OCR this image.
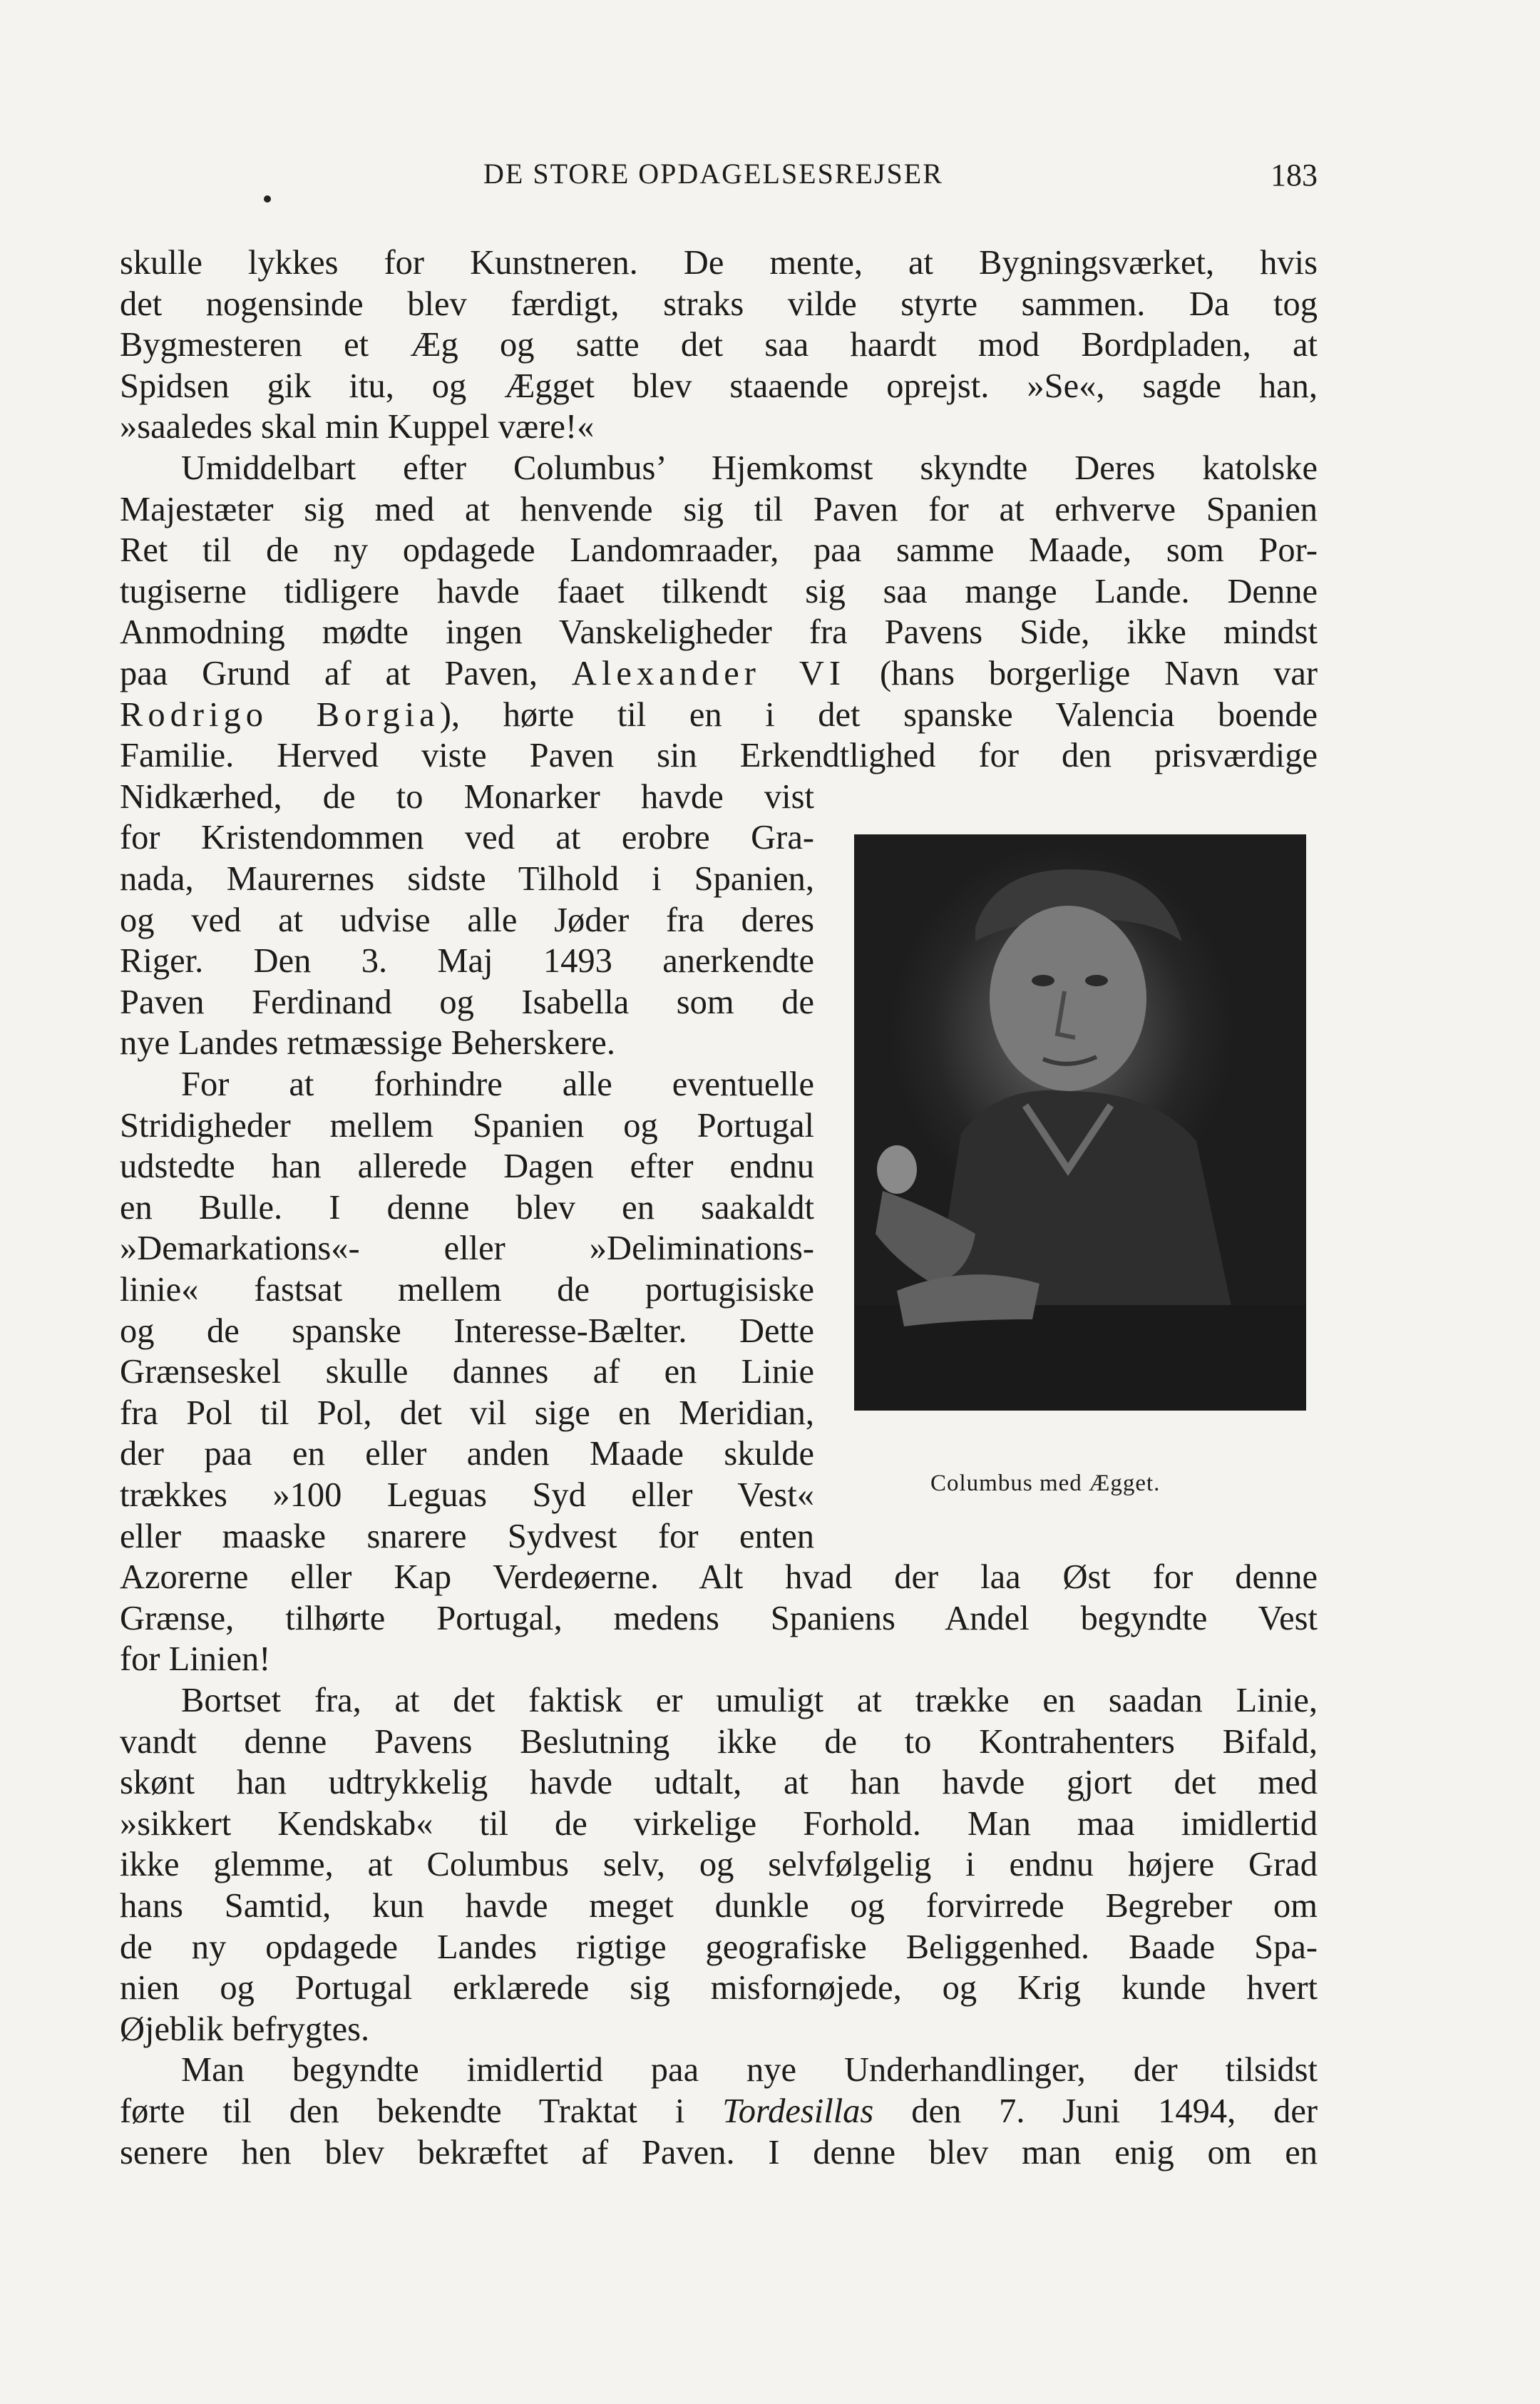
DE STORE OPDAGELSESREJSER	183
skulle lykkes for Kunstneren. De mente, at Bygningsværket, hvis
det nogensinde blev færdigt, straks vilde styrte sammen. Da tog
Bygmesteren et Æg og satte det saa haardt mod Bordpladen, at
Spidsen gik itu, og Ægget blev staaende oprejst. »Se«, sagde han,
»saaledes skal min Kuppel være!«
Umiddelbart efter Columbus’ Hjemkomst skyndte Deres katolske
Majestæter sig med at henvende sig til Paven for at erhverve Spanien
Ret til de ny opdagede Landomraader, paa samme Maade, som Por-
tugiserne tidligere havde faaet tilkendt sig saa mange Lande. Denne
Anmodning mødte ingen Vanskeligheder fra Pavens Side, ikke mindst
paa Grund af at Paven, Alexander VI (hans borgerlige Navn var
Rodrigo Borgia), hørte til en i det spanske Valencia boende
Familie. Herved viste Paven sin Erkendtlighed for den prisværdige
Nidkærhed, de to Monarker havde vist
for Kristendommen ved at erobre Gra-
nada, Maurernes sidste Tilhold i Spanien,
og ved at udvise alle Jøder fra deres
Riger. Den 3. Maj 1493 anerkendte
Paven Ferdinand og Isabella som de
nye Landes retmæssige Beherskere.
For at forhindre alle eventuelle
Stridigheder mellem Spanien og Portugal
udstedte han allerede Dagen efter endnu
en Bulle. I denne blev en saakaldt
»Demarkations«- eller »Deliminations-
linie« fastsat mellem de portugisiske
og de spanske Interesse-Bælter. Dette
Grænseskel skulle dannes af en Linie
fra Pol til Pol, det vil sige en Meridian,
der paa en eller anden Maade skulde
trækkes »100 Leguas Syd eller Vest«
eller maaske snarere Sydvest for enten
Azorerne eller Kap Verdeøerne. Alt hvad der laa Øst for denne
Grænse, tilhørte Portugal, medens Spaniens Andel begyndte Vest
for Linien!
Bortset fra, at det faktisk er umuligt at trække en saadan Linie,
vandt denne Pavens Beslutning ikke de to Kontrahenters Bifald,
skønt han udtrykkelig havde udtalt, at han havde gjort det med
»sikkert Kendskab« til de virkelige Forhold. Man maa imidlertid
ikke glemme, at Columbus selv, og selvfølgelig i endnu højere Grad
hans Samtid, kun havde meget dunkle og forvirrede Begreber om
de ny opdagede Landes rigtige geografiske Beliggenhed. Baade Spa-
nien og Portugal erklærede sig misfornøjede, og Krig kunde hvert
Øjeblik befrygtes.
Man begyndte imidlertid paa nye Underhandlinger, der tilsidst
førte til den bekendte Traktat i Tordesillas den 7. Juni 1494, der
senere hen blev bekræftet af Paven. I denne blev man enig om en
Columbus med Ægget.
